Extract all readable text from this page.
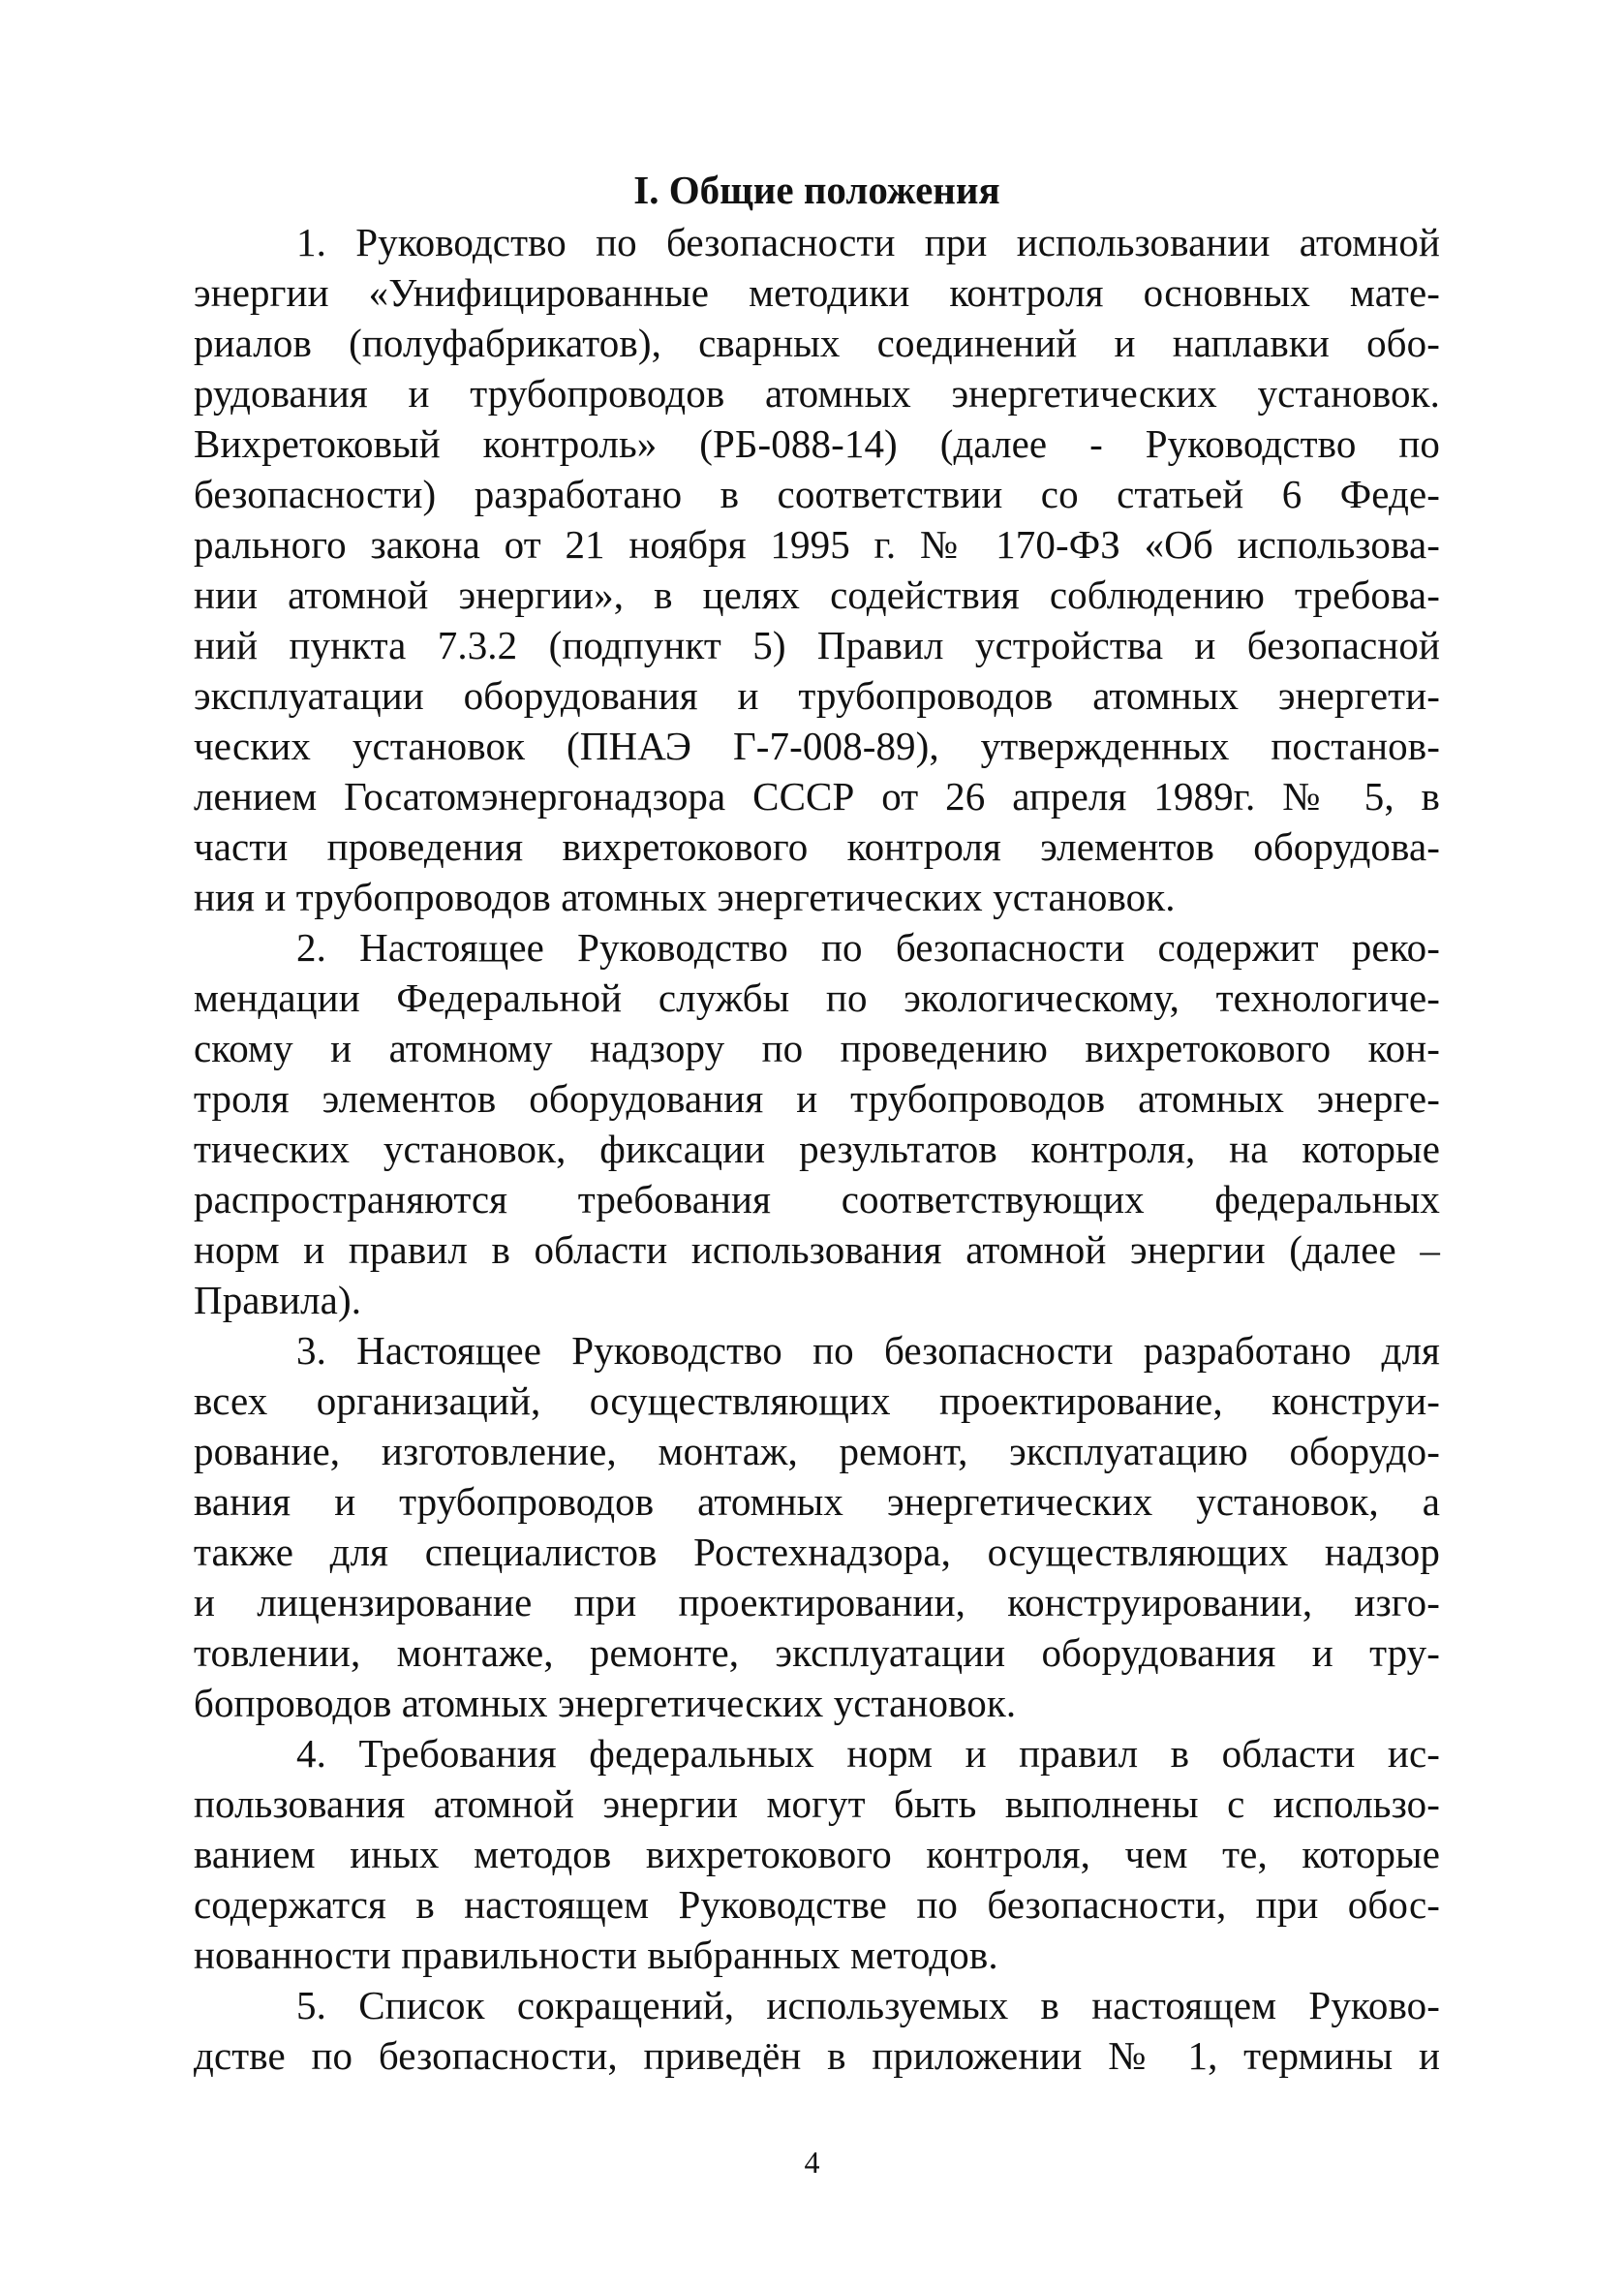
I. Общие положения
1. Руководство по безопасности при использовании атомной
энергии «Унифицированные методики контроля основных мате-
риалов (полуфабрикатов), сварных соединений и наплавки обо-
рудования и трубопроводов атомных энергетических установок.
Вихретоковый контроль» (РБ-088-14) (далее - Руководство по
безопасности) разработано в соответствии со статьей 6 Феде-
рального закона от 21 ноября 1995 г. № 170-ФЗ «Об использова-
нии атомной энергии», в целях содействия соблюдению требова-
ний пункта 7.3.2 (подпункт 5) Правил устройства и безопасной
эксплуатации оборудования и трубопроводов атомных энергети-
ческих установок (ПНАЭ Г-7-008-89), утвержденных постанов-
лением Госатомэнергонадзора СССР от 26 апреля 1989г. № 5, в
части проведения вихретокового контроля элементов оборудова-
ния и трубопроводов атомных энергетических установок.
2. Настоящее Руководство по безопасности содержит реко-
мендации Федеральной службы по экологическому, технологиче-
скому и атомному надзору по проведению вихретокового кон-
троля элементов оборудования и трубопроводов атомных энерге-
тических установок, фиксации результатов контроля, на которые
распространяются требования соответствующих федеральных
норм и правил в области использования атомной энергии (далее –
Правила).
3. Настоящее Руководство по безопасности разработано для
всех организаций, осуществляющих проектирование, конструи-
рование, изготовление, монтаж, ремонт, эксплуатацию оборудо-
вания и трубопроводов атомных энергетических установок, а
также для специалистов Ростехнадзора, осуществляющих надзор
и лицензирование при проектировании, конструировании, изго-
товлении, монтаже, ремонте, эксплуатации оборудования и тру-
бопроводов атомных энергетических установок.
4. Требования федеральных норм и правил в области ис-
пользования атомной энергии могут быть выполнены с использо-
ванием иных методов вихретокового контроля, чем те, которые
содержатся в настоящем Руководстве по безопасности, при обос-
нованности правильности выбранных методов.
5. Список сокращений, используемых в настоящем Руково-
дстве по безопасности, приведён в приложении № 1, термины и
4
